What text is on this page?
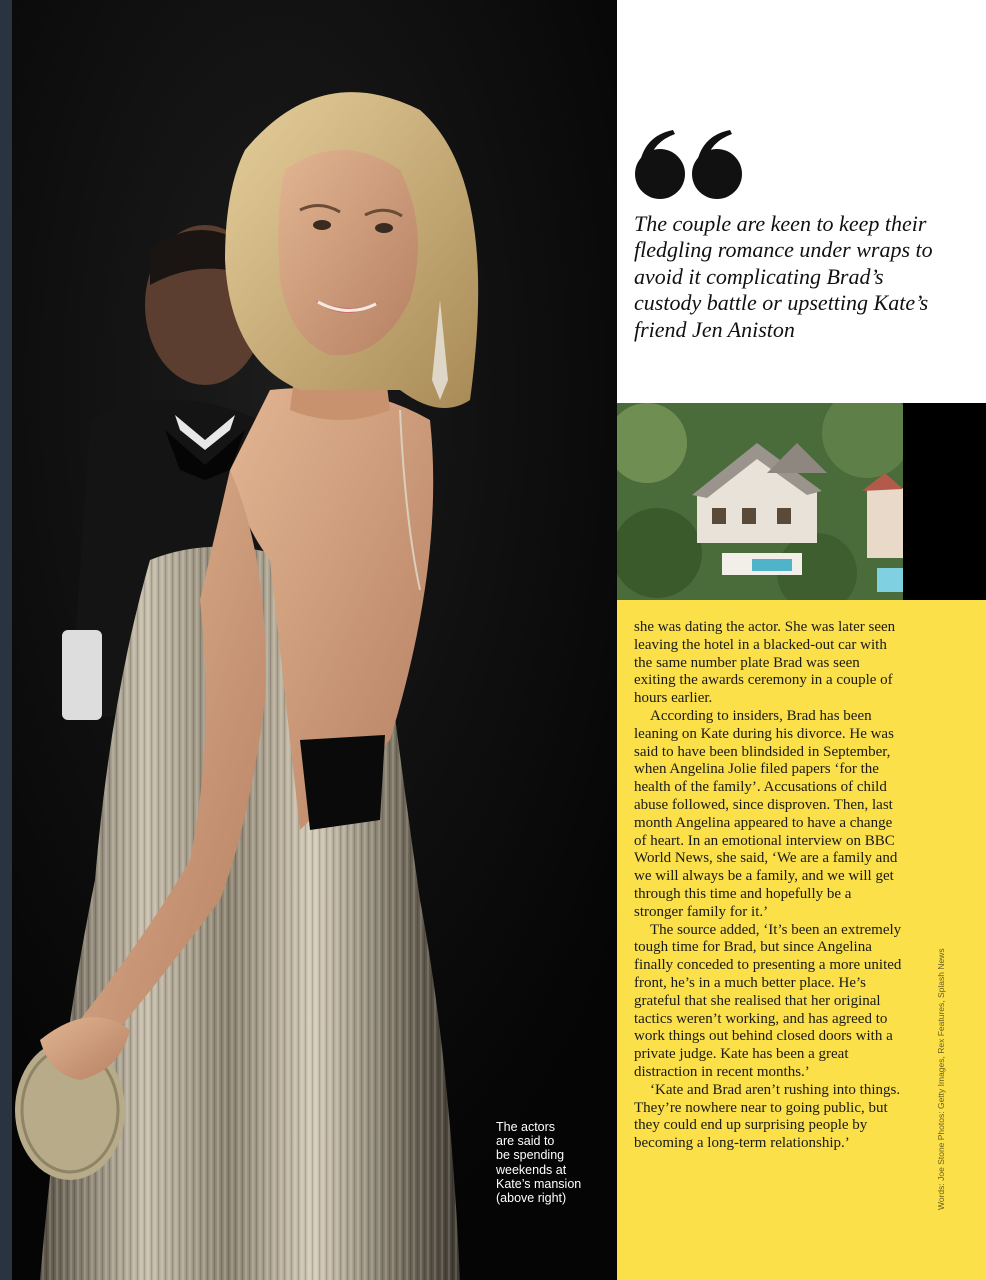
The actors
are said to
be spending
weekends at
Kate’s mansion
(above right)
The couple are keen to keep their fledgling romance under wraps to avoid it complicating Brad’s custody battle or upsetting Kate’s friend Jen Aniston

she was dating the actor. She was later seen leaving the hotel in a blacked-out car with the same number plate Brad was seen exiting the awards ceremony in a couple of hours earlier.

According to insiders, Brad has been leaning on Kate during his divorce. He was said to have been blindsided in September, when Angelina Jolie filed papers ‘for the health of the family’. Accusations of child abuse followed, since disproven. Then, last month Angelina appeared to have a change of heart. In an emotional interview on BBC World News, she said, ‘We are a family and we will always be a family, and we will get through this time and hopefully be a stronger family for it.’

The source added, ‘It’s been an extremely tough time for Brad, but since Angelina finally conceded to presenting a more united front, he’s in a much better place. He’s grateful that she realised that her original tactics weren’t working, and has agreed to work things out behind closed doors with a private judge. Kate has been a great distraction in recent months.’

‘Kate and Brad aren’t rushing into things. They’re nowhere near to going public, but they could end up surprising people by becoming a long-term relationship.’	Words: Joe Stone Photos: Getty Images, Rex Features, Splash News
